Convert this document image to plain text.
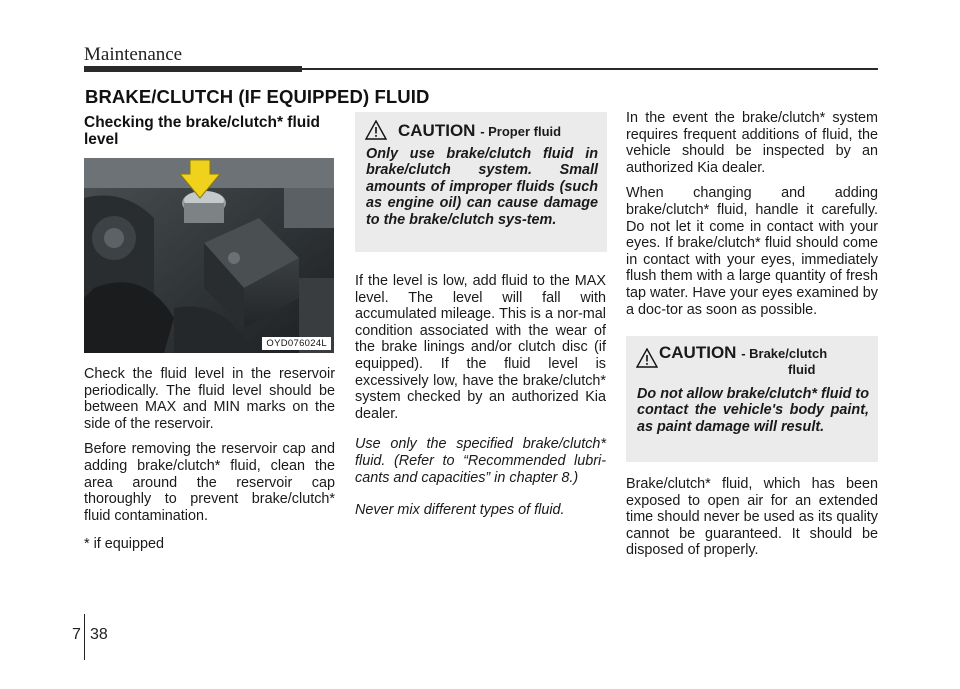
Maintenance
BRAKE/CLUTCH (IF EQUIPPED) FLUID
Checking the brake/clutch* fluid level
OYD076024L

Check the fluid level in the reservoir periodically. The fluid level should be between MAX and MIN marks on the side of the reservoir.

Before removing the reservoir cap and adding brake/clutch* fluid, clean the area around the reservoir cap thoroughly to prevent brake/clutch* fluid contamination.

* if equipped

CAUTION - Proper fluid
Only use brake/clutch fluid in brake/clutch system. Small amounts of improper fluids (such as engine oil) can cause damage to the brake/clutch sys-tem.

If the level is low, add fluid to the MAX level. The level will fall with accumulated mileage. This is a nor-mal condition associated with the wear of the brake linings and/or clutch disc (if equipped). If the fluid level is excessively low, have the brake/clutch* system checked by an authorized Kia dealer.

Use only the specified brake/clutch* fluid. (Refer to “Recommended lubri-cants and capacities” in chapter 8.)

Never mix different types of fluid.

In the event the brake/clutch* system requires frequent additions of fluid, the vehicle should be inspected by an authorized Kia dealer.

When changing and adding brake/clutch* fluid, handle it carefully. Do not let it come in contact with your eyes. If brake/clutch* fluid should come in contact with your eyes, immediately flush them with a large quantity of fresh tap water. Have your eyes examined by a doc-tor as soon as possible.

CAUTION - Brake/clutch
fluid
Do not allow brake/clutch* fluid to contact the vehicle's body paint, as paint damage will result.

Brake/clutch* fluid, which has been exposed to open air for an extended time should never be used as its quality cannot be guaranteed. It should be disposed of properly.

7 38
